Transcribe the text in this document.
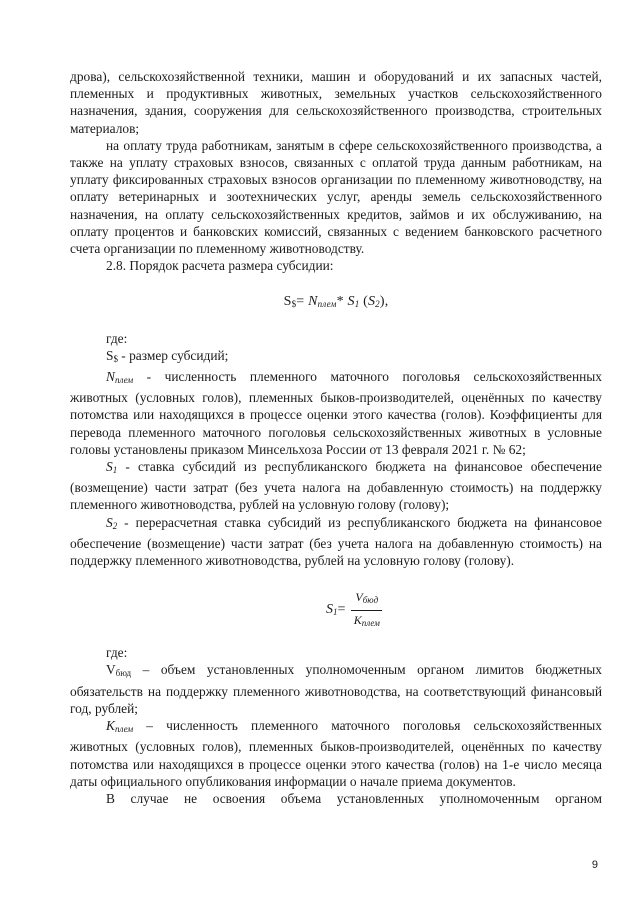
дрова), сельскохозяйственной техники, машин и оборудований и их запасных частей, племенных и продуктивных животных, земельных участков сельскохозяйственного назначения, здания, сооружения для сельскохозяйственного производства, строительных материалов;

на оплату труда работникам, занятым в сфере сельскохозяйственного производства, а также на уплату страховых взносов, связанных с оплатой труда данным работникам, на уплату фиксированных страховых взносов организации по племенному животноводству, на оплату ветеринарных и зоотехнических услуг, аренды земель сельскохозяйственного назначения, на оплату сельскохозяйственных кредитов, займов и их обслуживанию, на оплату процентов и банковских комиссий, связанных с ведением банковского расчетного счета организации по племенному животноводству.

2.8. Порядок расчета размера субсидии:

$S_{\$}= N_{плем}*$ $S_1$ $(S_2)$,

где:

$S_{\$}$ - размер субсидий;

$N_{плем}$ - численность племенного маточного поголовья сельскохозяйственных животных (условных голов), племенных быков-производителей, оценённых по качеству потомства или находящихся в процессе оценки этого качества (голов). Коэффициенты для перевода племенного маточного поголовья сельскохозяйственных животных в условные головы установлены приказом Минсельхоза России от 13 февраля 2021 г. № 62;

$S_1$ - ставка субсидий из республиканского бюджета на финансовое обеспечение (возмещение) части затрат (без учета налога на добавленную стоимость) на поддержку племенного животноводства, рублей на условную голову (голову);

$S_2$ - перерасчетная ставка субсидий из республиканского бюджета на финансовое обеспечение (возмещение) части затрат (без учета налога на добавленную стоимость) на поддержку племенного животноводства, рублей на условную голову (голову).

$S_1= \frac{V_{бюд}}{K_{плем}}$

где:

$V_{бюд}$ – объем установленных уполномоченным органом лимитов бюджетных обязательств на поддержку племенного животноводства, на соответствующий финансовый год, рублей;

$K_{плем}$ – численность племенного маточного поголовья сельскохозяйственных животных (условных голов), племенных быков-производителей, оценённых по качеству потомства или находящихся в процессе оценки этого качества (голов) на 1-е число месяца даты официального опубликования информации о начале приема документов.

В случае не освоения объема установленных уполномоченным органом

9
